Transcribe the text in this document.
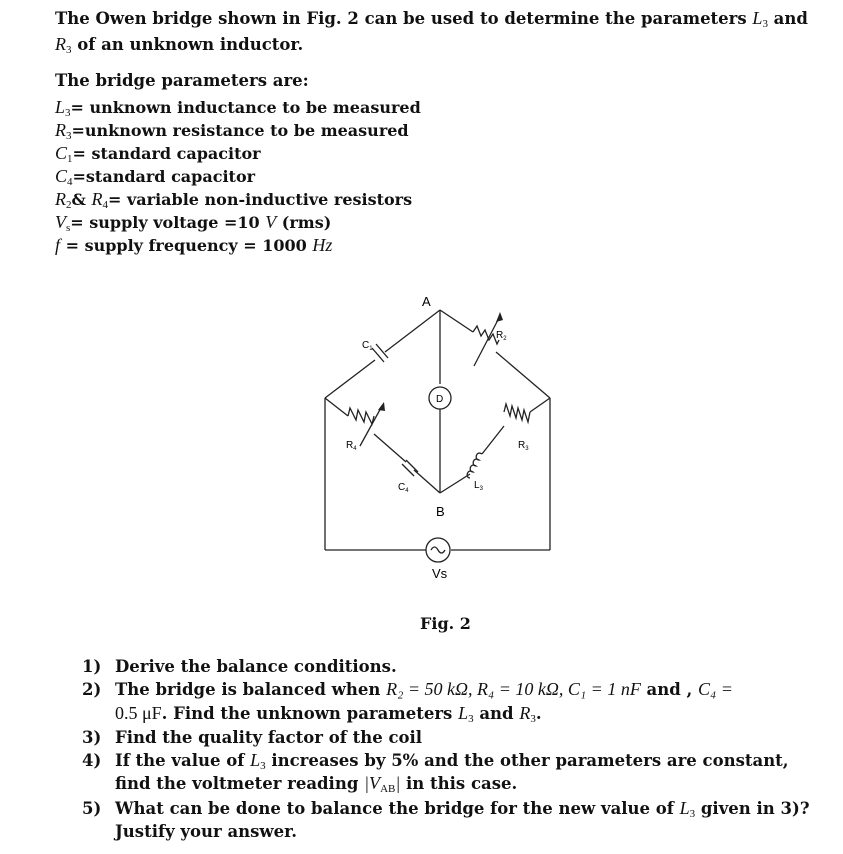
The Owen bridge shown in Fig. 2 can be used to determine the parameters $L_3$ and
$R_3$ of an unknown inductor.
The bridge parameters are:
$L_3=$ unknown inductance to be measured
$R_3=unknown$ resistance to be measured
$C_1=$ standard capacitor
$C_4=standard$ capacitor
$R_2\&$ $R_4=$ variable non-inductive resistors
$V_s=$ supply voltage =10 V (rms)
f = supply frequency = 1000 Hz
A
B
D
Vs
$C_1$
$R_2$
$R_4$	$R_3$
$C_4$	$L_3$
Fig. 2
1) Derive the balance conditions.
2) The bridge is balanced when R₂ = 50 kΩ, R₄ = 10 kΩ, C₁ = 1 nF and , C₄ =
0.5 μF. Find the unknown parameters $L_3$ and $R_3$.
3) Find the quality factor of the coil
4) If the value of $L_3$ increases by 5% and the other parameters are constant,
find the voltmeter reading $|V_{AB}|$ in this case.
5) What can be done to balance the bridge for the new value of $L_3$ given in 3)?
Justify your answer.
